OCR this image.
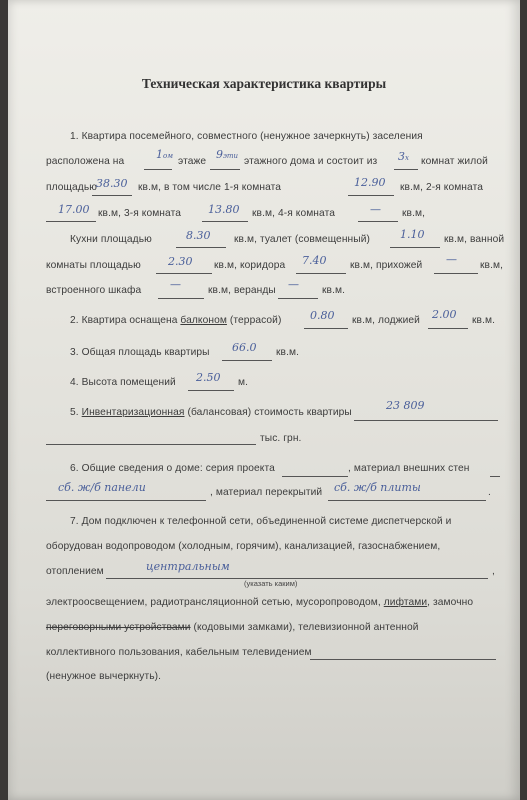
Техническая характеристика квартиры
1. Квартира посемейного, совместного (ненужное зачеркнуть) заселения
расположена на
1ом этаже
9эти этажного дома и состоит из 3х комнат жилой
площадью 38.30 кв.м, в том числе 1-я комната	12.90 кв.м, 2-я комната
17.00 кв.м, 3-я комната 13.80 кв.м, 4-я комната	— кв.м,
Кухни площадью	8.30 кв.м, туалет (совмещенный)	1.10 кв.м, ванной
комнаты площадью 2.30 кв.м, коридора 7.40 кв.м, прихожей — кв.м,
встроенного шкафа	—	кв.м, веранды — кв.м.
2. Квартира оснащена балконом (террасой)	0.80 кв.м, лоджией 2.00 кв.м.
3. Общая площадь квартиры 66.0 кв.м.
4. Высота помещений 2.50 м.
5. Инвентаризационная (балансовая) стоимость квартиры
23 809
тыс. грн.
6. Общие сведения о доме: серия проекта	, материал внешних стен
сб. ж/б панели	, материал перекрытий сб. ж/б плиты	.
7. Дом подключен к телефонной сети, объединенной системе диспетчерской и
оборудован водопроводом (холодным, горячим), канализацией, газоснабжением,
отоплением	центральным	,
(указать каким)
электроосвещением, радиотрансляционной сетью, мусоропроводом, лифтами, замочно
переговорными устройствами (кодовыми замками), телевизионной антенной
коллективного пользования, кабельным телевидением
(ненужное вычеркнуть).
